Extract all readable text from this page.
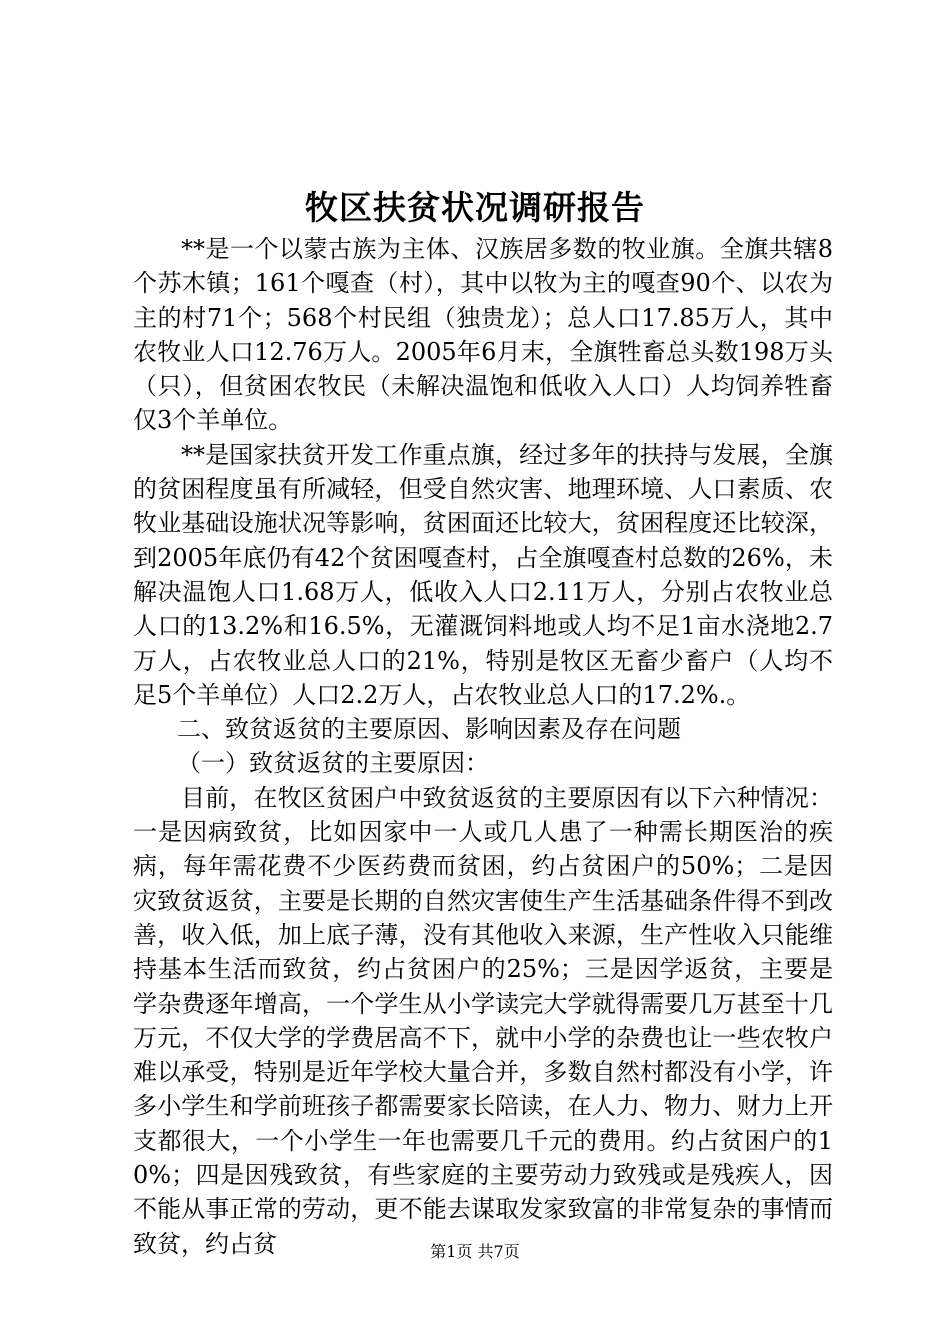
牧区扶贫状况调研报告

**是一个以蒙古族为主体、汉族居多数的牧业旗。全旗共辖8个苏木镇；161个嘎查（村），其中以牧为主的嘎查90个、以农为主的村71个；568个村民组（独贵龙）；总人口17.85万人，其中农牧业人口12.76万人。2005年6月末，全旗牲畜总头数198万头（只），但贫困农牧民（未解决温饱和低收入人口）人均饲养牲畜仅3个羊单位。

**是国家扶贫开发工作重点旗，经过多年的扶持与发展，全旗的贫困程度虽有所减轻，但受自然灾害、地理环境、人口素质、农牧业基础设施状况等影响，贫困面还比较大，贫困程度还比较深，到2005年底仍有42个贫困嘎查村，占全旗嘎查村总数的26%，未解决温饱人口1.68万人，低收入人口2.11万人，分别占农牧业总人口的13.2%和16.5%，无灌溉饲料地或人均不足1亩水浇地2.7万人，占农牧业总人口的21%，特别是牧区无畜少畜户（人均不足5个羊单位）人口2.2万人，占农牧业总人口的17.2%.。

二、致贫返贫的主要原因、影响因素及存在问题

（一）致贫返贫的主要原因：

目前，在牧区贫困户中致贫返贫的主要原因有以下六种情况：一是因病致贫，比如因家中一人或几人患了一种需长期医治的疾病，每年需花费不少医药费而贫困，约占贫困户的50%；二是因灾致贫返贫，主要是长期的自然灾害使生产生活基础条件得不到改善，收入低，加上底子薄，没有其他收入来源，生产性收入只能维持基本生活而致贫，约占贫困户的25%；三是因学返贫，主要是学杂费逐年增高，一个学生从小学读完大学就得需要几万甚至十几万元，不仅大学的学费居高不下，就中小学的杂费也让一些农牧户难以承受，特别是近年学校大量合并，多数自然村都没有小学，许多小学生和学前班孩子都需要家长陪读，在人力、物力、财力上开支都很大，一个小学生一年也需要几千元的费用。约占贫困户的10%；四是因残致贫，有些家庭的主要劳动力致残或是残疾人，因不能从事正常的劳动，更不能去谋取发家致富的非常复杂的事情而致贫，约占贫	第1页 共7页
